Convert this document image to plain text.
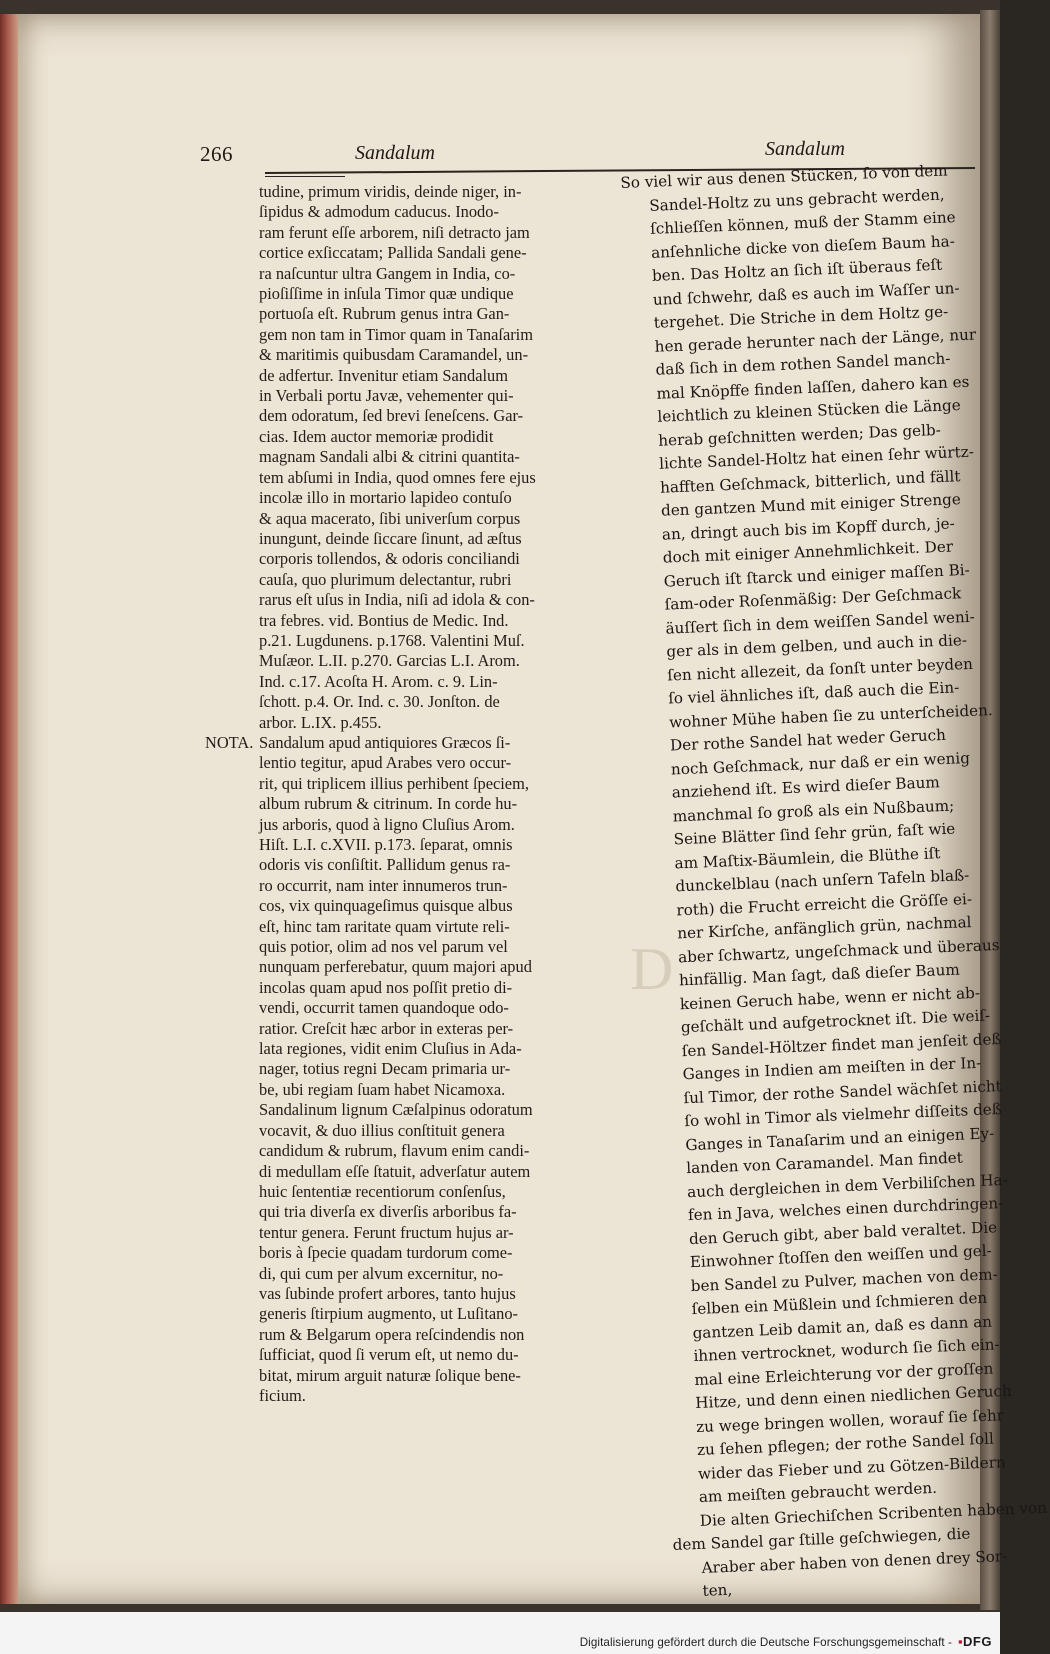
266	Sandalum	Sandalum
tudine, primum viridis, deinde niger, in-
ſipidus & admodum caducus. Inodo-
ram ferunt eſſe arborem, niſi detracto jam
cortice exſiccatam; Pallida Sandali gene-
ra naſcuntur ultra Gangem in India, co-
pioſiſſime in inſula Timor quæ undique
portuoſa eſt. Rubrum genus intra Gan-
gem non tam in Timor quam in Tanaſarim
& maritimis quibusdam Caramandel, un-
de adfertur. Invenitur etiam Sandalum
in Verbali portu Javæ, vehementer qui-
dem odoratum, ſed brevi ſeneſcens. Gar-
cias. Idem auctor memoriæ prodidit
magnam Sandali albi & citrini quantita-
tem abſumi in India, quod omnes fere ejus
incolæ illo in mortario lapideo contuſo
& aqua macerato, ſibi univerſum corpus
inungunt, deinde ſiccare ſinunt, ad æſtus
corporis tollendos, & odoris conciliandi
cauſa, quo plurimum delectantur, rubri
rarus eſt uſus in India, niſi ad idola & con-
tra febres. vid. Bontius de Medic. Ind.
p.21. Lugdunens. p.1768. Valentini Muſ.
Muſæor. L.II. p.270. Garcias L.I. Arom.
Ind. c.17. Acoſta H. Arom. c. 9. Lin-
ſchott. p.4. Or. Ind. c. 30. Jonſton. de
arbor. L.IX. p.455.
NOTA. Sandalum apud antiquiores Græcos ſi-
lentio tegitur, apud Arabes vero occur-
rit, qui triplicem illius perhibent ſpeciem,
album rubrum & citrinum. In corde hu-
jus arboris, quod à ligno Cluſius Arom.
Hiſt. L.I. c.XVII. p.173. ſeparat, omnis
odoris vis conſiſtit. Pallidum genus ra-
ro occurrit, nam inter innumeros trun-
cos, vix quinquageſimus quisque albus
eſt, hinc tam raritate quam virtute reli-
quis potior, olim ad nos vel parum vel
nunquam perferebatur, quum majori apud
incolas quam apud nos poſſit pretio di-
vendi, occurrit tamen quandoque odo-
ratior. Creſcit hæc arbor in exteras per-
lata regiones, vidit enim Cluſius in Ada-
nager, totius regni Decam primaria ur-
be, ubi regiam ſuam habet Nicamoxa.
Sandalinum lignum Cæſalpinus odoratum
vocavit, & duo illius conſtituit genera
candidum & rubrum, flavum enim candi-
di medullam eſſe ſtatuit, adverſatur autem
huic ſententiæ recentiorum conſenſus,
qui tria diverſa ex diverſis arboribus fa-
tentur genera. Ferunt fructum hujus ar-
boris à ſpecie quadam turdorum come-
di, qui cum per alvum excernitur, no-
vas ſubinde profert arbores, tanto hujus
generis ſtirpium augmento, ut Luſitano-
rum & Belgarum opera reſcindendis non
ſufficiat, quod ſi verum eſt, ut nemo du-
bitat, mirum arguit naturæ ſolique bene-
ficium.
D
So viel wir aus denen Stücken, ſo von dem
Sandel-Holtz zu uns gebracht werden,
ſchlieſſen können, muß der Stamm eine
anſehnliche dicke von dieſem Baum ha-
ben. Das Holtz an ſich iſt überaus feſt
und ſchwehr, daß es auch im Waſſer un-
tergehet. Die Striche in dem Holtz ge-
hen gerade herunter nach der Länge, nur
daß ſich in dem rothen Sandel manch-
mal Knöpffe finden laſſen, dahero kan es
leichtlich zu kleinen Stücken die Länge
herab geſchnitten werden; Das gelb-
lichte Sandel-Holtz hat einen ſehr würtz-
hafften Geſchmack, bitterlich, und fällt
den gantzen Mund mit einiger Strenge
an, dringt auch bis im Kopff durch, je-
doch mit einiger Annehmlichkeit. Der
Geruch iſt ſtarck und einiger maſſen Bi-
ſam-oder Roſenmäßig: Der Geſchmack
äuſſert ſich in dem weiſſen Sandel weni-
ger als in dem gelben, und auch in die-
ſen nicht allezeit, da ſonſt unter beyden
ſo viel ähnliches iſt, daß auch die Ein-
wohner Mühe haben ſie zu unterſcheiden.
Der rothe Sandel hat weder Geruch
noch Geſchmack, nur daß er ein wenig
anziehend iſt. Es wird dieſer Baum
manchmal ſo groß als ein Nußbaum;
Seine Blätter ſind ſehr grün, faſt wie
am Maſtix-Bäumlein, die Blüthe iſt
dunckelblau (nach unſern Tafeln blaß-
roth) die Frucht erreicht die Gröſſe ei-
ner Kirſche, anfänglich grün, nachmal
aber ſchwartz, ungeſchmack und überaus
hinfällig. Man ſagt, daß dieſer Baum
keinen Geruch habe, wenn er nicht ab-
geſchält und aufgetrocknet iſt. Die weiſ-
ſen Sandel-Höltzer findet man jenſeit deß
Ganges in Indien am meiſten in der In-
ſul Timor, der rothe Sandel wächſet nicht
ſo wohl in Timor als vielmehr diſſeits deß
Ganges in Tanaſarim und an einigen Ey-
landen von Caramandel. Man findet
auch dergleichen in dem Verbiliſchen Ha-
fen in Java, welches einen durchdringen-
den Geruch gibt, aber bald veraltet. Die
Einwohner ſtoſſen den weiſſen und gel-
ben Sandel zu Pulver, machen von dem-
ſelben ein Müßlein und ſchmieren den
gantzen Leib damit an, daß es dann an
ihnen vertrocknet, wodurch ſie ſich ein-
mal eine Erleichterung vor der groſſen
Hitze, und denn einen niedlichen Geruch
zu wege bringen wollen, worauf ſie ſehr
zu ſehen pflegen; der rothe Sandel ſoll
wider das Fieber und zu Götzen-Bildern
am meiſten gebraucht werden.
Die alten Griechiſchen Scribenten haben von
dem Sandel gar ſtille geſchwiegen, die
Araber aber haben von denen drey Sor-
ten,
Digitalisierung gefördert durch die Deutsche Forschungsgemeinschaft - ▪DFG
